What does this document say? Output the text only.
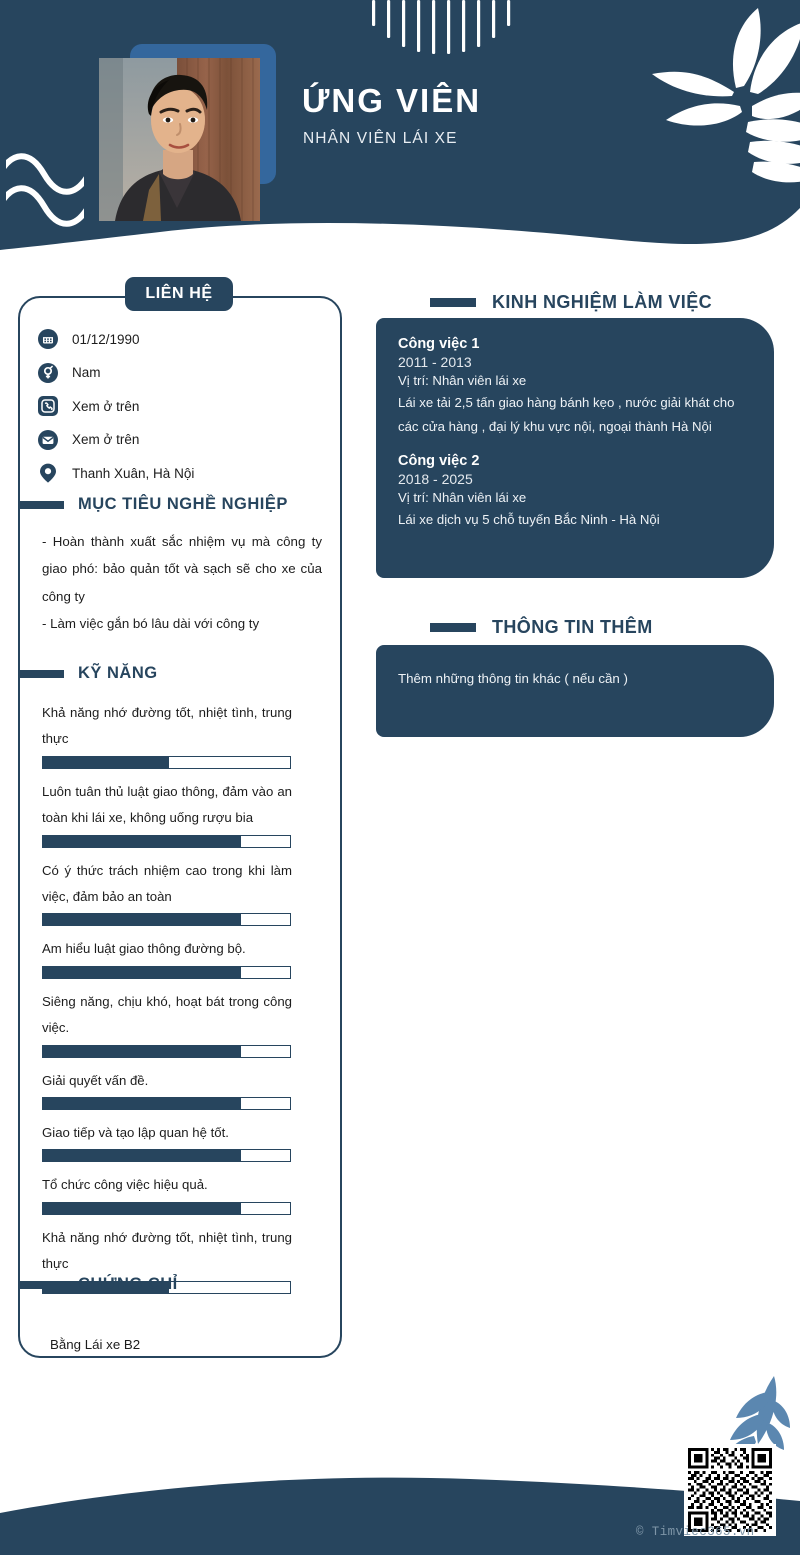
ỨNG VIÊN
NHÂN VIÊN LÁI XE
LIÊN HỆ
01/12/1990
Nam
Xem ở trên
Xem ở trên
Thanh Xuân, Hà Nội
MỤC TIÊU NGHỀ NGHIỆP
- Hoàn thành xuất sắc nhiệm vụ mà công ty giao phó: bảo quản tốt và sạch sẽ cho xe của công ty
- Làm việc gắn bó lâu dài với công ty
KỸ NĂNG
Khả năng nhớ đường tốt, nhiệt tình, trung thực
Luôn tuân thủ luật giao thông, đảm vào an toàn khi lái xe, không uống rượu bia
Có ý thức trách nhiệm cao trong khi làm việc, đảm bảo an toàn
Am hiểu luật giao thông đường bộ.
Siêng năng, chịu khó, hoạt bát trong công việc.
Giải quyết vấn đề.
Giao tiếp và tạo lập quan hệ tốt.
Tổ chức công việc hiệu quả.
Khả năng nhớ đường tốt, nhiệt tình, trung thực
CHỨNG CHỈ
Bằng Lái xe B2
KINH NGHIỆM LÀM VIỆC
Công việc 1
2011 - 2013
Vị trí: Nhân viên lái xe
Lái xe tải 2,5 tấn giao hàng bánh kẹo , nước giải khát cho các cửa hàng , đại lý khu vực nội, ngoại thành Hà Nội
Công việc 2
2018 - 2025
Vị trí: Nhân viên lái xe
Lái xe dịch vụ 5 chỗ tuyến Bắc Ninh - Hà Nội
THÔNG TIN THÊM
Thêm những thông tin khác ( nếu cần )
© Timviec365.vn
